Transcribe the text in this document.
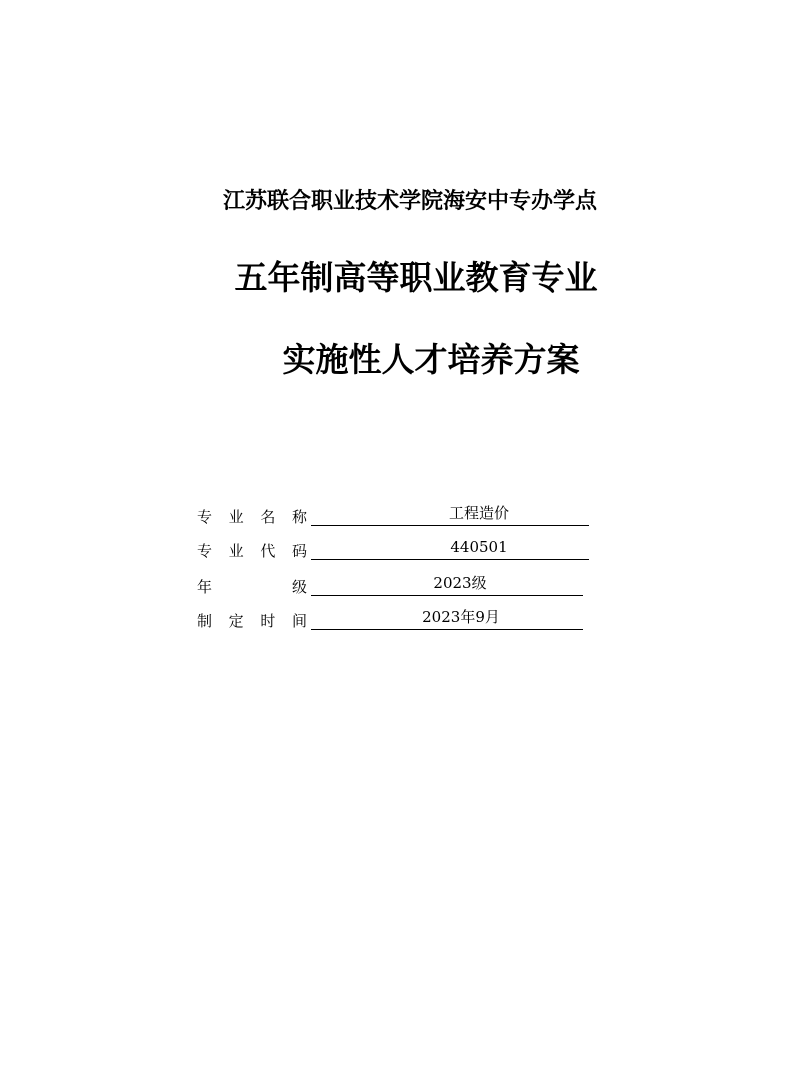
江苏联合职业技术学院海安中专办学点
五年制高等职业教育专业
实施性人才培养方案
专 业 名 称	工程造价
专 业 代 码	440501
年	级	2023级
制 定 时 间	2023年9月
